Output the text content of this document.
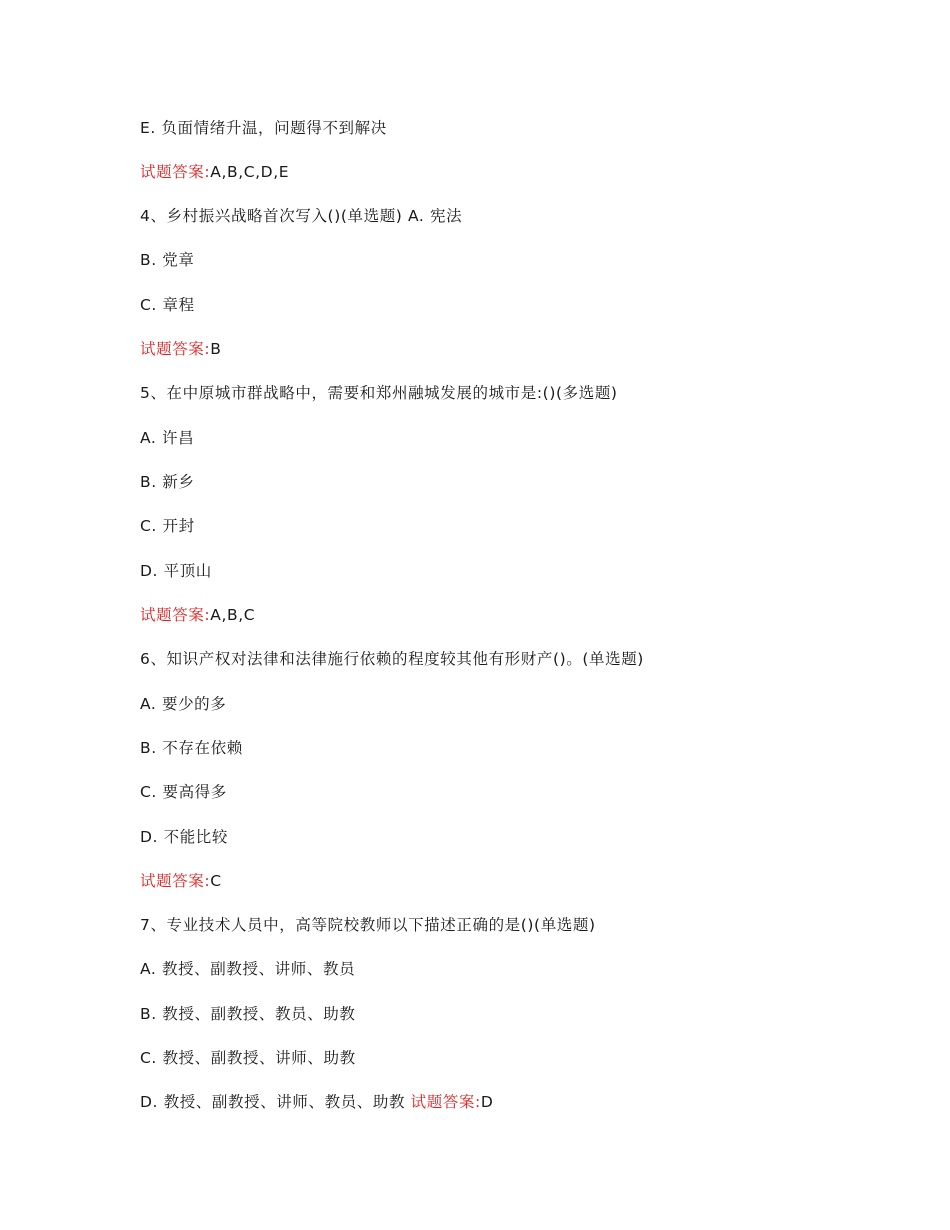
E. 负面情绪升温，问题得不到解决
试题答案:A,B,C,D,E
4、乡村振兴战略首次写入()(单选题) A. 宪法
B. 党章
C. 章程
试题答案:B
5、在中原城市群战略中，需要和郑州融城发展的城市是:()(多选题)
A. 许昌
B. 新乡
C. 开封
D. 平顶山
试题答案:A,B,C
6、知识产权对法律和法律施行依赖的程度较其他有形财产()。(单选题)
A. 要少的多
B. 不存在依赖
C. 要高得多
D. 不能比较
试题答案:C
7、专业技术人员中，高等院校教师以下描述正确的是()(单选题)
A. 教授、副教授、讲师、教员
B. 教授、副教授、教员、助教
C. 教授、副教授、讲师、助教
D. 教授、副教授、讲师、教员、助教 试题答案:D
